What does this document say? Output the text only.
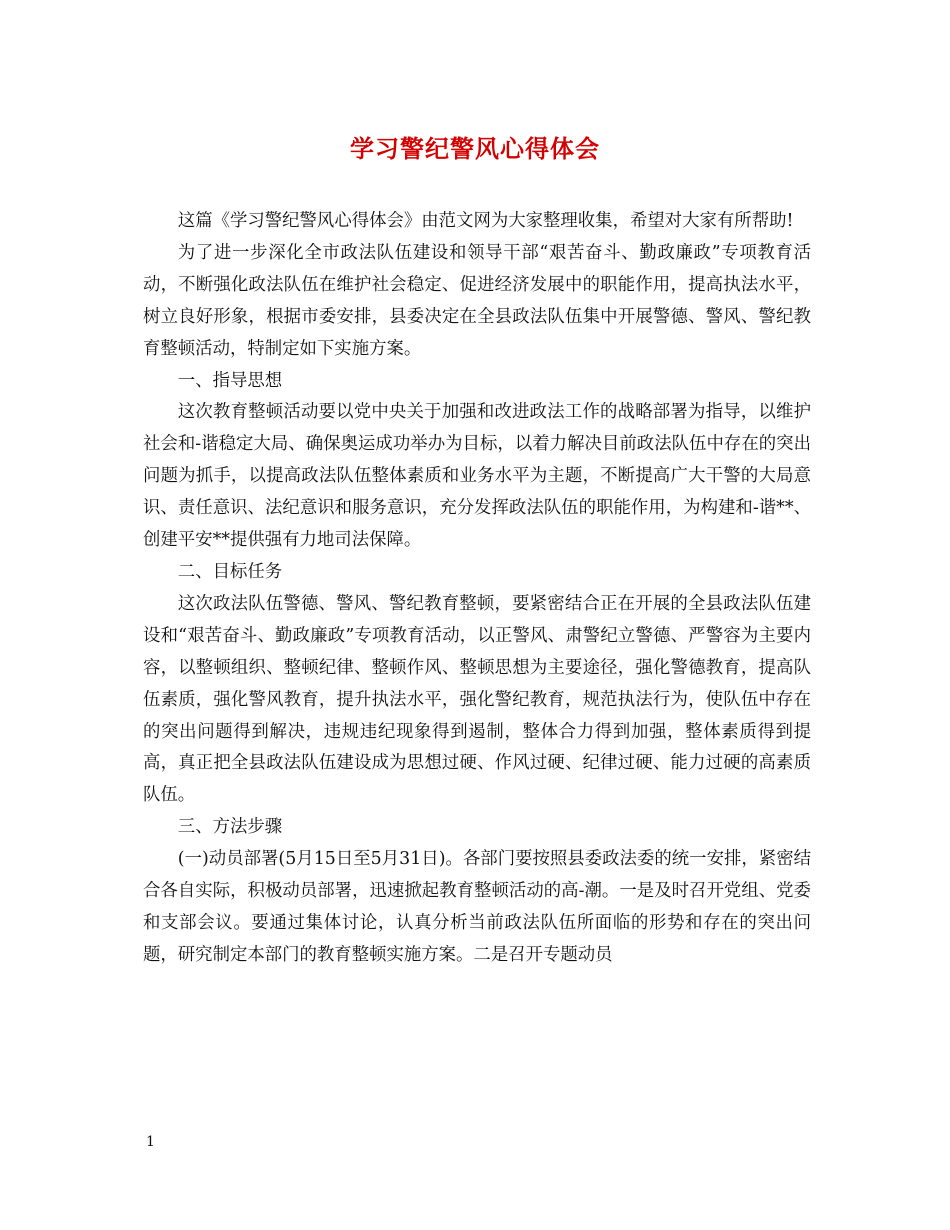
学习警纪警风心得体会

这篇《学习警纪警风心得体会》由范文网为大家整理收集，希望对大家有所帮助!

为了进一步深化全市政法队伍建设和领导干部“艰苦奋斗、勤政廉政”专项教育活动，不断强化政法队伍在维护社会稳定、促进经济发展中的职能作用，提高执法水平，树立良好形象，根据市委安排，县委决定在全县政法队伍集中开展警德、警风、警纪教育整顿活动，特制定如下实施方案。

一、指导思想

这次教育整顿活动要以党中央关于加强和改进政法工作的战略部署为指导，以维护社会和-谐稳定大局、确保奥运成功举办为目标，以着力解决目前政法队伍中存在的突出问题为抓手，以提高政法队伍整体素质和业务水平为主题，不断提高广大干警的大局意识、责任意识、法纪意识和服务意识，充分发挥政法队伍的职能作用，为构建和-谐**、创建平安**提供强有力地司法保障。

二、目标任务

这次政法队伍警德、警风、警纪教育整顿，要紧密结合正在开展的全县政法队伍建设和“艰苦奋斗、勤政廉政”专项教育活动，以正警风、肃警纪立警德、严警容为主要内容，以整顿组织、整顿纪律、整顿作风、整顿思想为主要途径，强化警德教育，提高队伍素质，强化警风教育，提升执法水平，强化警纪教育，规范执法行为，使队伍中存在的突出问题得到解决，违规违纪现象得到遏制，整体合力得到加强，整体素质得到提高，真正把全县政法队伍建设成为思想过硬、作风过硬、纪律过硬、能力过硬的高素质队伍。

三、方法步骤

(一)动员部署(5月15日至5月31日)。各部门要按照县委政法委的统一安排，紧密结合各自实际，积极动员部署，迅速掀起教育整顿活动的高-潮。一是及时召开党组、党委和支部会议。要通过集体讨论，认真分析当前政法队伍所面临的形势和存在的突出问题，研究制定本部门的教育整顿实施方案。二是召开专题动员

1
